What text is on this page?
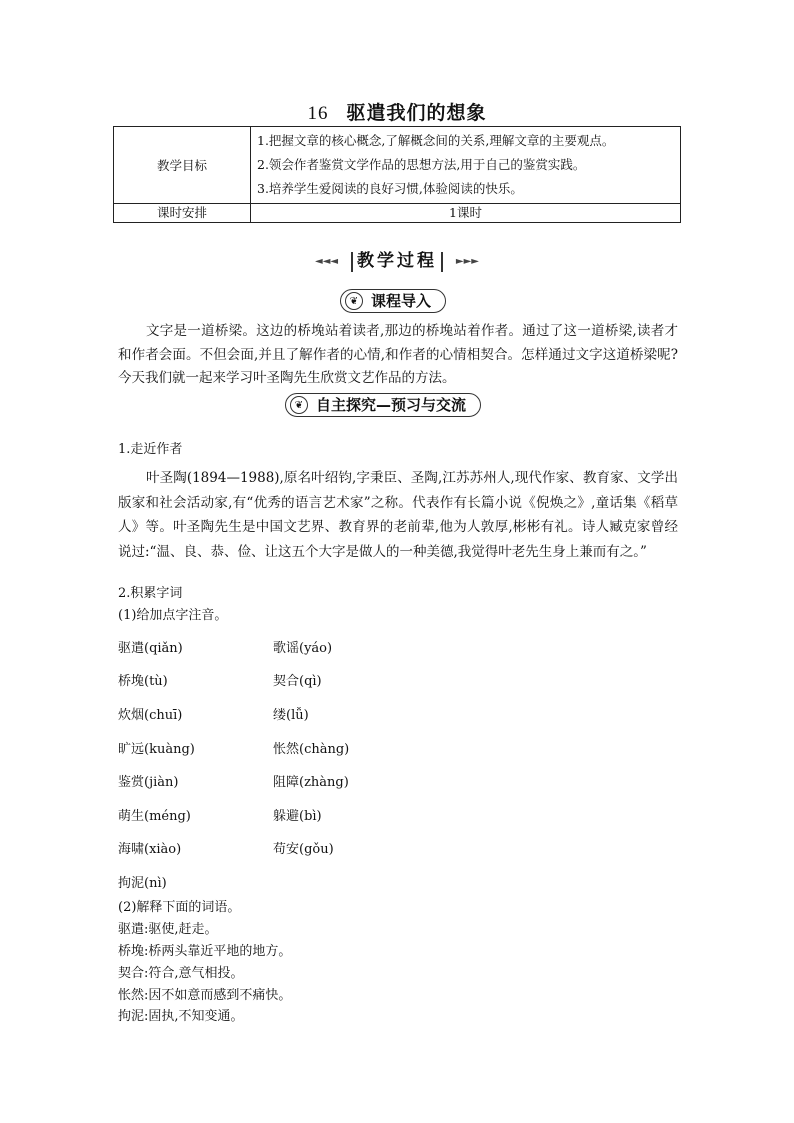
16 驱遣我们的想象
教学目标	1.把握文章的核心概念,了解概念间的关系,理解文章的主要观点。
2.领会作者鉴赏文学作品的思想方法,用于自己的鉴赏实践。
3.培养学生爱阅读的良好习惯,体验阅读的快乐。

课时安排	1课时
◄◄◄ 教学过程 ►►►
❦ 课程导入
文字是一道桥梁。这边的桥堍站着读者,那边的桥堍站着作者。通过了这一道桥梁,读者才和作者会面。不但会面,并且了解作者的心情,和作者的心情相契合。怎样通过文字这道桥梁呢?今天我们就一起来学习叶圣陶先生欣赏文艺作品的方法。
❦ 自主探究—预习与交流
1.走近作者
叶圣陶(1894—1988),原名叶绍钧,字秉臣、圣陶,江苏苏州人,现代作家、教育家、文学出版家和社会活动家,有“优秀的语言艺术家”之称。代表作有长篇小说《倪焕之》,童话集《稻草人》等。叶圣陶先生是中国文艺界、教育界的老前辈,他为人敦厚,彬彬有礼。诗人臧克家曾经说过:“温、良、恭、俭、让这五个大字是做人的一种美德,我觉得叶老先生身上兼而有之。”
2.积累字词
(1)给加点字注音。
驱遣(qiǎn)	歌谣(yáo)
桥堍(tù)	契合(qì)
炊烟(chuī)	缕(lǚ)
旷远(kuàng)	怅然(chàng)
鉴赏(jiàn)	阻障(zhàng)
萌生(méng)	躲避(bì)
海啸(xiào)	苟安(gǒu)
拘泥(nì)
(2)解释下面的词语。
驱遣:驱使,赶走。
桥堍:桥两头靠近平地的地方。
契合:符合,意气相投。
怅然:因不如意而感到不痛快。
拘泥:固执,不知变通。
